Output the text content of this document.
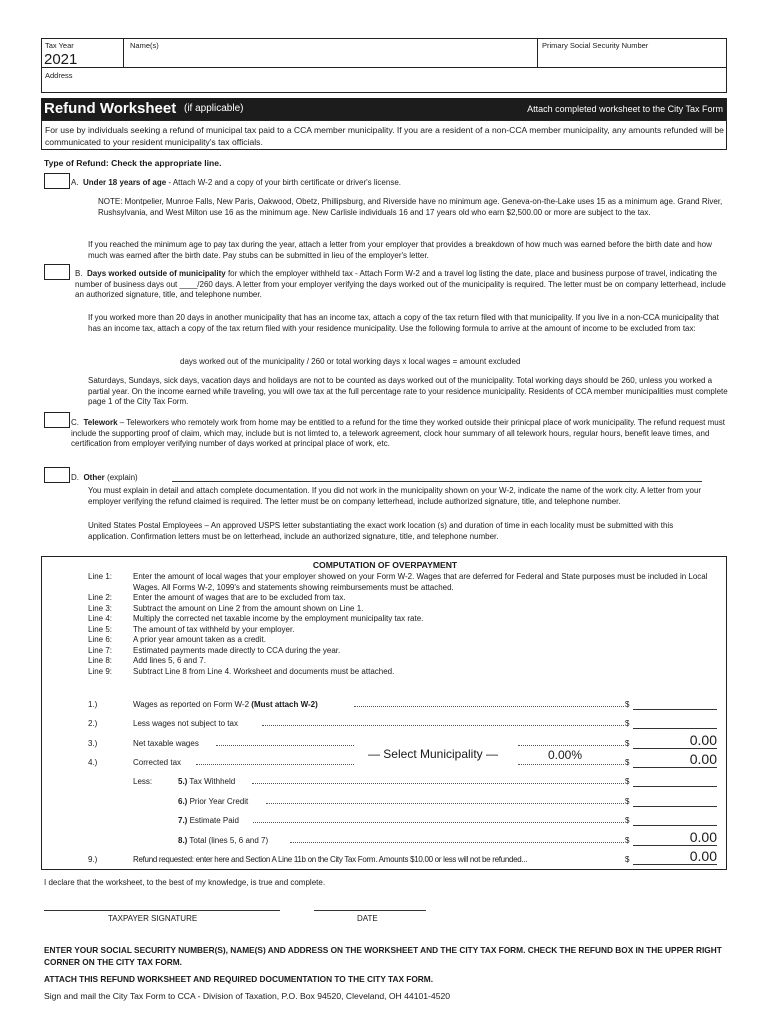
Tax Year
2021
Name(s)	Primary Social Security Number
Address
Refund Worksheet (if applicable)	Attach completed worksheet to the City Tax Form
For use by individuals seeking a refund of municipal tax paid to a CCA member municipality. If you are a resident of a non-CCA member municipality, any amounts refunded will be communicated to your resident municipality's tax officials.
Type of Refund: Check the appropriate line.
A. Under 18 years of age - Attach W-2 and a copy of your birth certificate or driver's license.
NOTE: Montpelier, Munroe Falls, New Paris, Oakwood, Obetz, Phillipsburg, and Riverside have no minimum age. Geneva-on-the-Lake uses 15 as a minimum age. Grand River, Rushsylvania, and West Milton use 16 as the minimum age. New Carlisle individuals 16 and 17 years old who earn $2,500.00 or more are subject to the tax.
If you reached the minimum age to pay tax during the year, attach a letter from your employer that provides a breakdown of how much was earned before the birth date and how much was earned after the birth date. Pay stubs can be submitted in lieu of the employer's letter.
B. Days worked outside of municipality for which the employer withheld tax - Attach Form W-2 and a travel log listing the date, place and business purpose of travel, indicating the number of business days out ____/260 days. A letter from your employer verifying the days worked out of the municipality is required. The letter must be on company letterhead, include an authorized signature, title, and telephone number.
If you worked more than 20 days in another municipality that has an income tax, attach a copy of the tax return filed with that municipality. If you live in a non-CCA municipality that has an income tax, attach a copy of the tax return filed with your residence municipality. Use the following formula to arrive at the amount of income to be excluded from tax:
days worked out of the municipality / 260 or total working days x local wages = amount excluded
Saturdays, Sundays, sick days, vacation days and holidays are not to be counted as days worked out of the municipality. Total working days should be 260, unless you worked a partial year. On the income earned while traveling, you will owe tax at the full percentage rate to your residence municipality. Residents of CCA member municipalities must complete page 1 of the City Tax Form.
C. Telework – Teleworkers who remotely work from home may be entitled to a refund for the time they worked outside their prinicpal place of work municipality. The refund request must include the supporting proof of claim, which may, include but is not limted to, a telework agreement, clock hour summary of all telework hours, regular hours, benefit leave times, and certification from employer verifying number of days worked at principal place of work, etc.
D. Other (explain)
You must explain in detail and attach complete documentation. If you did not work in the municipality shown on your W-2, indicate the name of the work city. A letter from your employer verifying the refund claimed is required. The letter must be on company letterhead, include authorized signature, title, and telephone number.
United States Postal Employees – An approved USPS letter substantiating the exact work location (s) and duration of time in each locality must be submitted with this application. Confirmation letters must be on letterhead, include an authorized signature, title, and telephone number.
COMPUTATION OF OVERPAYMENT
Line 1:	Enter the amount of local wages that your employer showed on your Form W-2. Wages that are deferred for Federal and State purposes must be included in Local Wages. All Forms W-2, 1099's and statements showing reimbursements must be attached.
Line 2:	Enter the amount of wages that are to be excluded from tax.
Line 3:	Subtract the amount on Line 2 from the amount shown on Line 1.
Line 4:	Multiply the corrected net taxable income by the employment municipality tax rate.
Line 5:	The amount of tax withheld by your employer.
Line 6:	A prior year amount taken as a credit.
Line 7:	Estimated payments made directly to CCA during the year.
Line 8:	Add lines 5, 6 and 7.
Line 9:	Subtract Line 8 from Line 4. Worksheet and documents must be attached.
1.)	Wages as reported on Form W-2 (Must attach W-2)	$
2.)	Less wages not subject to tax	$
3.)	Net taxable wages	$	0.00
— Select Municipality —	0.00%
4.)	Corrected tax	$	0.00
Less:	5.) Tax Withheld	$
6.) Prior Year Credit	$
7.) Estimate Paid	$
8.) Total (lines 5, 6 and 7)	$	0.00
9.)	Refund requested: enter here and Section A Line 11b on the City Tax Form. Amounts $10.00 or less will not be refunded...	$	0.00
I declare that the worksheet, to the best of my knowledge, is true and complete.
TAXPAYER SIGNATURE	DATE
ENTER YOUR SOCIAL SECURITY NUMBER(S), NAME(S) AND ADDRESS ON THE WORKSHEET AND THE CITY TAX FORM. CHECK THE REFUND BOX IN THE UPPER RIGHT CORNER ON THE CITY TAX FORM.
ATTACH THIS REFUND WORKSHEET AND REQUIRED DOCUMENTATION TO THE CITY TAX FORM.
Sign and mail the City Tax Form to CCA - Division of Taxation, P.O. Box 94520, Cleveland, OH 44101-4520
